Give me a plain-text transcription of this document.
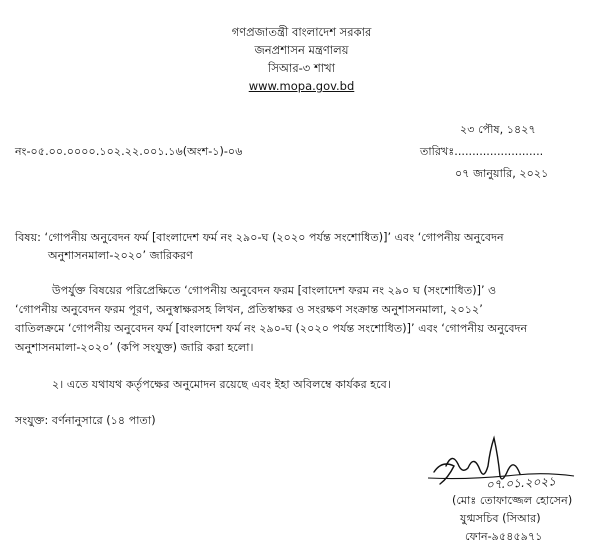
গণপ্রজাতন্ত্রী বাংলাদেশ সরকার
জনপ্রশাসন মন্ত্রণালয়
সিআর-৩ শাখা
www.mopa.gov.bd
২৩ পৌষ, ১৪২৭
নং-০৫.০০.০০০০.১০২.২২.০০১.১৬(অংশ-১)-০৬	তারিখঃ.........................
০৭ জানুয়ারি, ২০২১
বিষয়: ‘গোপনীয় অনুবেদন ফর্ম [বাংলাদেশ ফর্ম নং ২৯০-ঘ (২০২০ পর্যন্ত সংশোধিত)]’ এবং ‘গোপনীয় অনুবেদন
অনুশাসনমালা-২০২০’ জারিকরণ
উপর্যুক্ত বিষয়ের পরিপ্রেক্ষিতে ‘গোপনীয় অনুবেদন ফরম [বাংলাদেশ ফরম নং ২৯০ ঘ (সংশোধিত)]’ ও
‘গোপনীয় অনুবেদন ফরম পূরণ, অনুস্বাক্ষরসহ লিখন, প্রতিস্বাক্ষর ও সংরক্ষণ সংক্রান্ত অনুশাসনমালা, ২০১২’
বাতিলক্রমে ‘গোপনীয় অনুবেদন ফর্ম [বাংলাদেশ ফর্ম নং ২৯০-ঘ (২০২০ পর্যন্ত সংশোধিত)]’ এবং ‘গোপনীয় অনুবেদন
অনুশাসনমালা-২০২০’ (কপি সংযুক্ত) জারি করা হলো।
২। এতে যথাযথ কর্তৃপক্ষের অনুমোদন রয়েছে এবং ইহা অবিলম্বে কার্যকর হবে।
সংযুক্ত: বর্ণনানুসারে (১৪ পাতা)
০৭.০১.২০২১
(মোঃ তোফাজ্জেল হোসেন)
যুগ্মসচিব (সিআর)
ফোন-৯৫৪৫৯৭১
